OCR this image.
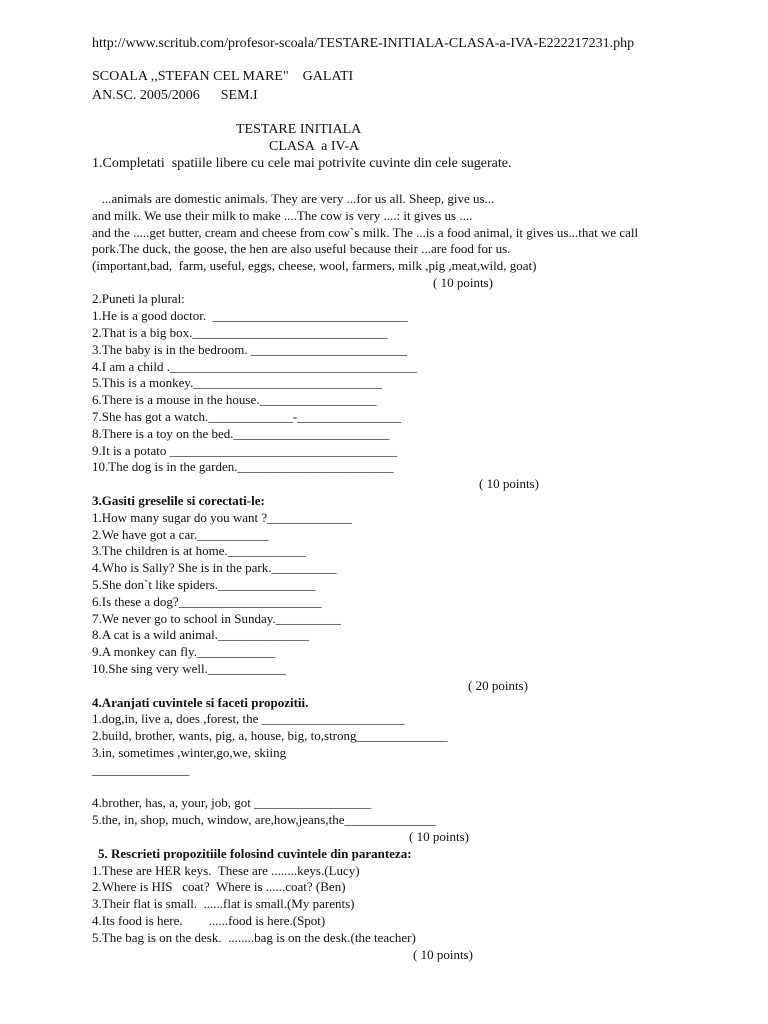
http://www.scritub.com/profesor-scoala/TESTARE-INITIALA-CLASA-a-IVA-E222217231.php
SCOALA ,,STEFAN CEL MARE"    GALATI
AN.SC. 2005/2006      SEM.I
TESTARE INITIALA
CLASA  a IV-A
1.Completati  spatiile libere cu cele mai potrivite cuvinte din cele sugerate.
...animals are domestic animals. They are very ...for us all. Sheep, give us...
and milk. We use their milk to make ....The cow is very ....: it gives us ....
and the .....get butter, cream and cheese from cow`s milk. The ...is a food animal, it gives us...that we call
pork.The duck, the goose, the hen are also useful because their ...are food for us.
(important,bad,  farm, useful, eggs, cheese, wool, farmers, milk ,pig ,meat,wild, goat)
( 10 points)
2.Puneti la plural:
1.He is a good doctor.  ______________________________
2.That is a big box.______________________________
3.The baby is in the bedroom. ________________________
4.I am a child .______________________________________
5.This is a monkey._____________________________
6.There is a mouse in the house.__________________
7.She has got a watch._____________-________________
8.There is a toy on the bed.________________________
9.It is a potato ___________________________________
10.The dog is in the garden.________________________
( 10 points)
3.Gasiti greselile si corectati-le:
1.How many sugar do you want ?_____________
2.We have got a car.___________
3.The children is at home.____________
4.Who is Sally? She is in the park.__________
5.She don`t like spiders._______________
6.Is these a dog?______________________
7.We never go to school in Sunday.__________
8.A cat is a wild animal.______________
9.A monkey can fly.____________
10.She sing very well.____________
( 20 points)
4.Aranjati cuvintele si faceti propozitii.
1.dog,in, live a, does ,forest, the ______________________
2.build, brother, wants, pig, a, house, big, to,strong______________
3.in, sometimes ,winter,go,we, skiing
_______________
4.brother, has, a, your, job, got __________________
5.the, in, shop, much, window, are,how,jeans,the______________
( 10 points)
5. Rescrieti propozitiile folosind cuvintele din paranteza:
1.These are HER keys.  These are ........keys.(Lucy)
2.Where is HIS   coat?  Where is ......coat? (Ben)
3.Their flat is small.  ......flat is small.(My parents)
4.Its food is here.        ......food is here.(Spot)
5.The bag is on the desk.  ........bag is on the desk.(the teacher)
( 10 points)
